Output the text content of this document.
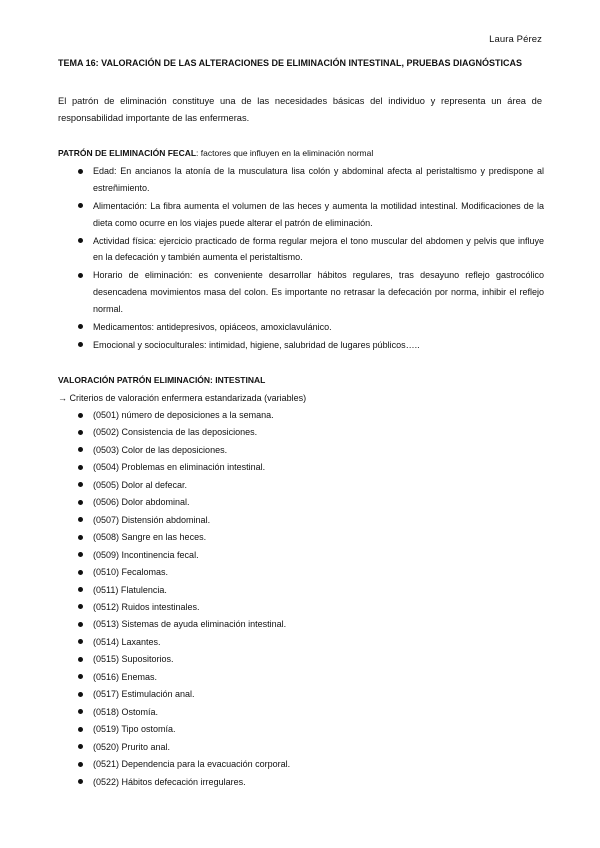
Laura Pérez
TEMA 16: VALORACIÓN DE LAS ALTERACIONES DE ELIMINACIÓN INTESTINAL, PRUEBAS DIAGNÓSTICAS
El patrón de eliminación constituye una de las necesidades básicas del individuo y representa un área de responsabilidad importante de las enfermeras.
PATRÓN DE ELIMINACIÓN FECAL: factores que influyen en la eliminación normal
Edad: En ancianos la atonía de la musculatura lisa colón y abdominal afecta al peristaltismo y predispone al estreñimiento.
Alimentación: La fibra aumenta el volumen de las heces y aumenta la motilidad intestinal. Modificaciones de la dieta como ocurre en los viajes puede alterar el patrón de eliminación.
Actividad física: ejercicio practicado de forma regular mejora el tono muscular del abdomen y pelvis que influye en la defecación y también aumenta el peristaltismo.
Horario de eliminación: es conveniente desarrollar hábitos regulares, tras desayuno reflejo gastrocólico desencadena movimientos masa del colon. Es importante no retrasar la defecación por norma, inhibir el reflejo normal.
Medicamentos: antidepresivos, opiáceos, amoxiclavulánico.
Emocional y socioculturales: intimidad, higiene, salubridad de lugares públicos…..
VALORACIÓN PATRÓN ELIMINACIÓN: INTESTINAL
→ Criterios de valoración enfermera estandarizada (variables)
(0501) número de deposiciones a la semana.
(0502) Consistencia de las deposiciones.
(0503) Color de las deposiciones.
(0504) Problemas en eliminación intestinal.
(0505) Dolor al defecar.
(0506) Dolor abdominal.
(0507) Distensión abdominal.
(0508) Sangre en las heces.
(0509) Incontinencia fecal.
(0510) Fecalomas.
(0511) Flatulencia.
(0512) Ruidos intestinales.
(0513) Sistemas de ayuda eliminación intestinal.
(0514) Laxantes.
(0515) Supositorios.
(0516) Enemas.
(0517) Estimulación anal.
(0518) Ostomía.
(0519) Tipo ostomía.
(0520) Prurito anal.
(0521) Dependencia para la evacuación corporal.
(0522) Hábitos defecación irregulares.
